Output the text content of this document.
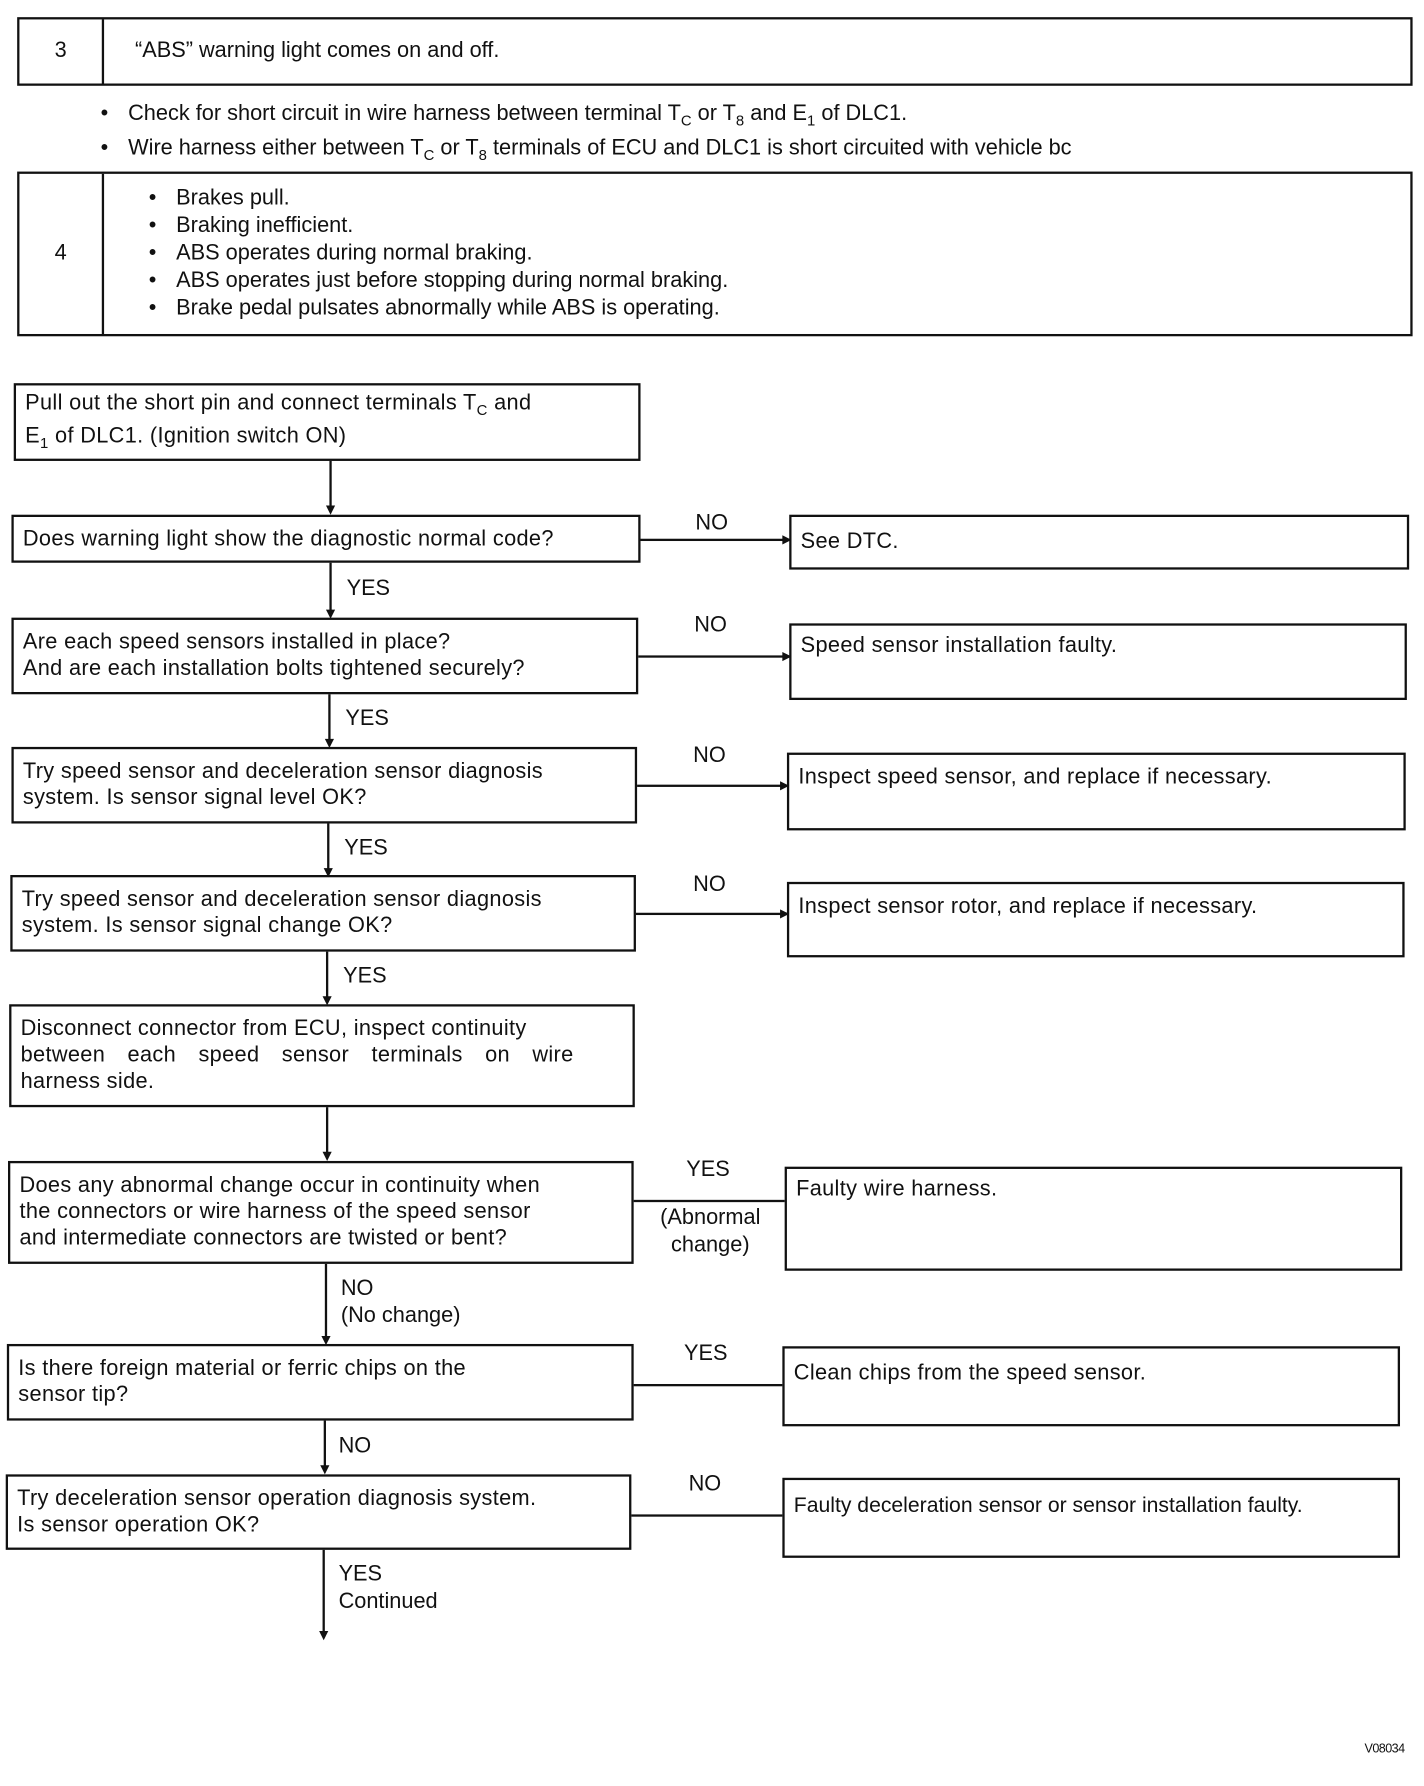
3	“ABS” warning light comes on and off.
• Check for short circuit in wire harness between terminal $T_C$ or $T_8$ and $E_1$ of DLC1.
• Wire harness either between $T_C$ or $T_8$ terminals of ECU and DLC1 is short circuited with vehicle bc
4
• Brakes pull.
• Braking inefficient.
• ABS operates during normal braking.
• ABS operates just before stopping during normal braking.
• Brake pedal pulsates abnormally while ABS is operating.
Pull out the short pin and connect terminals $T_C$ and
$E_1$ of DLC1. (Ignition switch ON)
Does warning light show the diagnostic normal code?
NO
See DTC.
YES
Are each speed sensors installed in place?
And are each installation bolts tightened securely?
NO
Speed sensor installation faulty.
YES
Try speed sensor and deceleration sensor diagnosis
system. Is sensor signal level OK?
NO
Inspect speed sensor, and replace if necessary.
YES
Try speed sensor and deceleration sensor diagnosis
system. Is sensor signal change OK?
NO
Inspect sensor rotor, and replace if necessary.
YES
Disconnect connector from ECU, inspect continuity
between each speed sensor terminals on wire
harness side.
Does any abnormal change occur in continuity when
the connectors or wire harness of the speed sensor
and intermediate connectors are twisted or bent?
YES
(Abnormal
change)
Faulty wire harness.
NO
(No change)
Is there foreign material or ferric chips on the
sensor tip?
YES
Clean chips from the speed sensor.
NO
Try deceleration sensor operation diagnosis system.
Is sensor operation OK?
NO
Faulty deceleration sensor or sensor installation faulty.
YES
Continued
V08034
